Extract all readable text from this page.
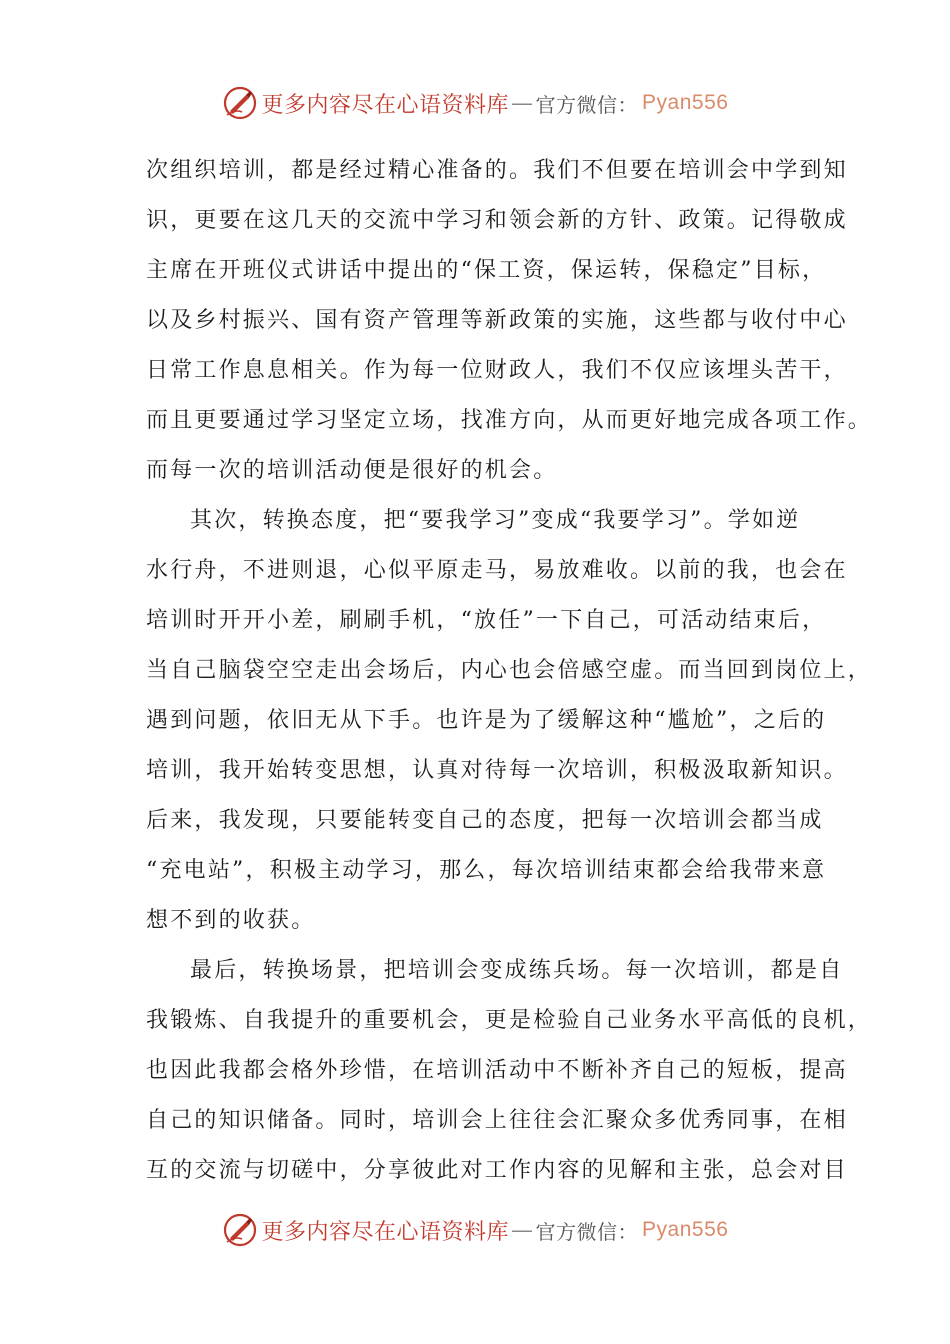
更多内容尽在心语资料库 — 官方微信： Pyan556
次组织培训，都是经过精心准备的。我们不但要在培训会中学到知
识，更要在这几天的交流中学习和领会新的方针、政策。记得敬成
主席在开班仪式讲话中提出的“保工资，保运转，保稳定”目标，
以及乡村振兴、国有资产管理等新政策的实施，这些都与收付中心
日常工作息息相关。作为每一位财政人，我们不仅应该埋头苦干，
而且更要通过学习坚定立场，找准方向，从而更好地完成各项工作。
而每一次的培训活动便是很好的机会。
其次，转换态度，把“要我学习”变成“我要学习”。学如逆
水行舟，不进则退，心似平原走马，易放难收。以前的我，也会在
培训时开开小差，刷刷手机，“放任”一下自己，可活动结束后，
当自己脑袋空空走出会场后，内心也会倍感空虚。而当回到岗位上，
遇到问题，依旧无从下手。也许是为了缓解这种“尴尬”，之后的
培训，我开始转变思想，认真对待每一次培训，积极汲取新知识。
后来，我发现，只要能转变自己的态度，把每一次培训会都当成
“充电站”，积极主动学习，那么，每次培训结束都会给我带来意
想不到的收获。
最后，转换场景，把培训会变成练兵场。每一次培训，都是自
我锻炼、自我提升的重要机会，更是检验自己业务水平高低的良机，
也因此我都会格外珍惜，在培训活动中不断补齐自己的短板，提高
自己的知识储备。同时，培训会上往往会汇聚众多优秀同事，在相
互的交流与切磋中，分享彼此对工作内容的见解和主张，总会对目
更多内容尽在心语资料库 — 官方微信： Pyan556
